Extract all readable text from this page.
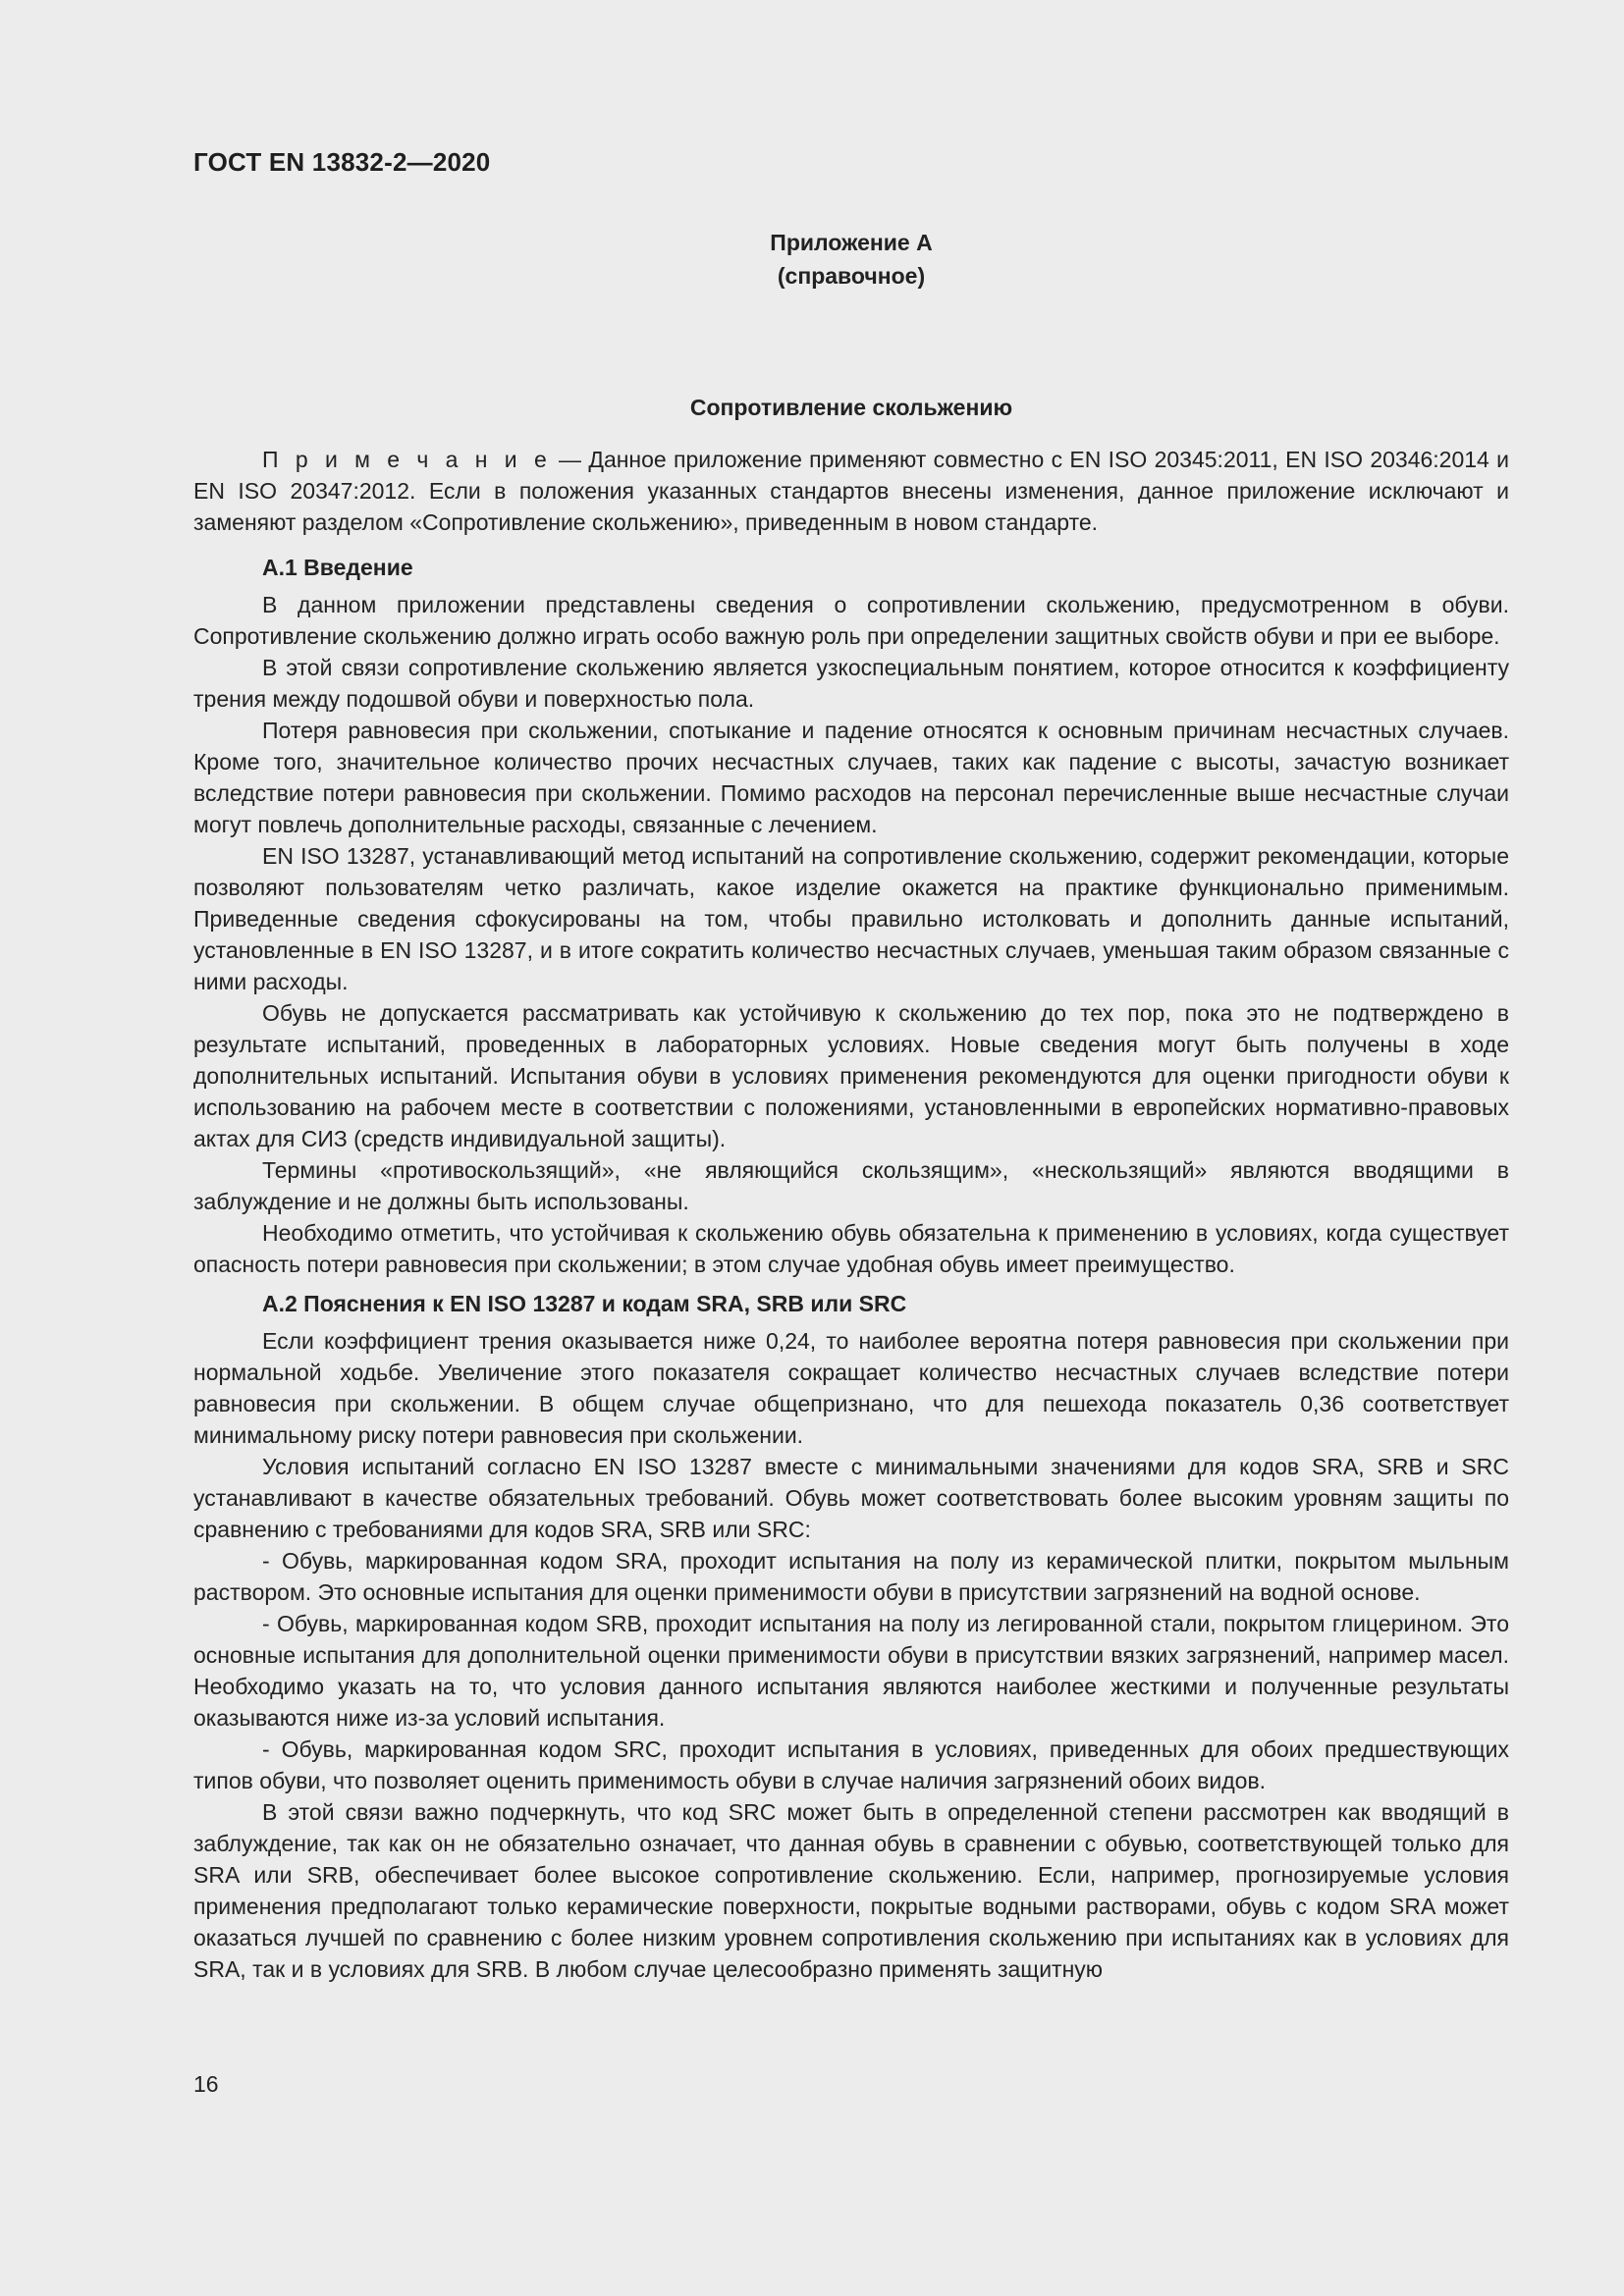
ГОСТ EN 13832-2—2020
Приложение А
(справочное)
Сопротивление скольжению

П р и м е ч а н и е — Данное приложение применяют совместно с EN ISO 20345:2011, EN ISO 20346:2014 и EN ISO 20347:2012. Если в положения указанных стандартов внесены изменения, данное приложение исключают и заменяют разделом «Сопротивление скольжению», приведенным в новом стандарте.

А.1 Введение

В данном приложении представлены сведения о сопротивлении скольжению, предусмотренном в обуви. Сопротивление скольжению должно играть особо важную роль при определении защитных свойств обуви и при ее выборе.

В этой связи сопротивление скольжению является узкоспециальным понятием, которое относится к коэффициенту трения между подошвой обуви и поверхностью пола.

Потеря равновесия при скольжении, спотыкание и падение относятся к основным причинам несчастных случаев. Кроме того, значительное количество прочих несчастных случаев, таких как падение с высоты, зачастую возникает вследствие потери равновесия при скольжении. Помимо расходов на персонал перечисленные выше несчастные случаи могут повлечь дополнительные расходы, связанные с лечением.

EN ISO 13287, устанавливающий метод испытаний на сопротивление скольжению, содержит рекомендации, которые позволяют пользователям четко различать, какое изделие окажется на практике функционально применимым. Приведенные сведения сфокусированы на том, чтобы правильно истолковать и дополнить данные испытаний, установленные в EN ISO 13287, и в итоге сократить количество несчастных случаев, уменьшая таким образом связанные с ними расходы.

Обувь не допускается рассматривать как устойчивую к скольжению до тех пор, пока это не подтверждено в результате испытаний, проведенных в лабораторных условиях. Новые сведения могут быть получены в ходе дополнительных испытаний. Испытания обуви в условиях применения рекомендуются для оценки пригодности обуви к использованию на рабочем месте в соответствии с положениями, установленными в европейских нормативно-правовых актах для СИЗ (средств индивидуальной защиты).

Термины «противоскользящий», «не являющийся скользящим», «нескользящий» являются вводящими в заблуждение и не должны быть использованы.

Необходимо отметить, что устойчивая к скольжению обувь обязательна к применению в условиях, когда существует опасность потери равновесия при скольжении; в этом случае удобная обувь имеет преимущество.

А.2 Пояснения к EN ISO 13287 и кодам SRA, SRB или SRC

Если коэффициент трения оказывается ниже 0,24, то наиболее вероятна потеря равновесия при скольжении при нормальной ходьбе. Увеличение этого показателя сокращает количество несчастных случаев вследствие потери равновесия при скольжении. В общем случае общепризнано, что для пешехода показатель 0,36 соответствует минимальному риску потери равновесия при скольжении.

Условия испытаний согласно EN ISO 13287 вместе с минимальными значениями для кодов SRA, SRB и SRC устанавливают в качестве обязательных требований. Обувь может соответствовать более высоким уровням защиты по сравнению с требованиями для кодов SRA, SRB или SRC:

- Обувь, маркированная кодом SRA, проходит испытания на полу из керамической плитки, покрытом мыльным раствором. Это основные испытания для оценки применимости обуви в присутствии загрязнений на водной основе.

- Обувь, маркированная кодом SRB, проходит испытания на полу из легированной стали, покрытом глицерином. Это основные испытания для дополнительной оценки применимости обуви в присутствии вязких загрязнений, например масел. Необходимо указать на то, что условия данного испытания являются наиболее жесткими и полученные результаты оказываются ниже из-за условий испытания.

- Обувь, маркированная кодом SRC, проходит испытания в условиях, приведенных для обоих предшествующих типов обуви, что позволяет оценить применимость обуви в случае наличия загрязнений обоих видов.

В этой связи важно подчеркнуть, что код SRC может быть в определенной степени рассмотрен как вводящий в заблуждение, так как он не обязательно означает, что данная обувь в сравнении с обувью, соответствующей только для SRA или SRB, обеспечивает более высокое сопротивление скольжению. Если, например, прогнозируемые условия применения предполагают только керамические поверхности, покрытые водными растворами, обувь с кодом SRA может оказаться лучшей по сравнению с более низким уровнем сопротивления скольжению при испытаниях как в условиях для SRA, так и в условиях для SRB. В любом случае целесообразно применять защитную

16
